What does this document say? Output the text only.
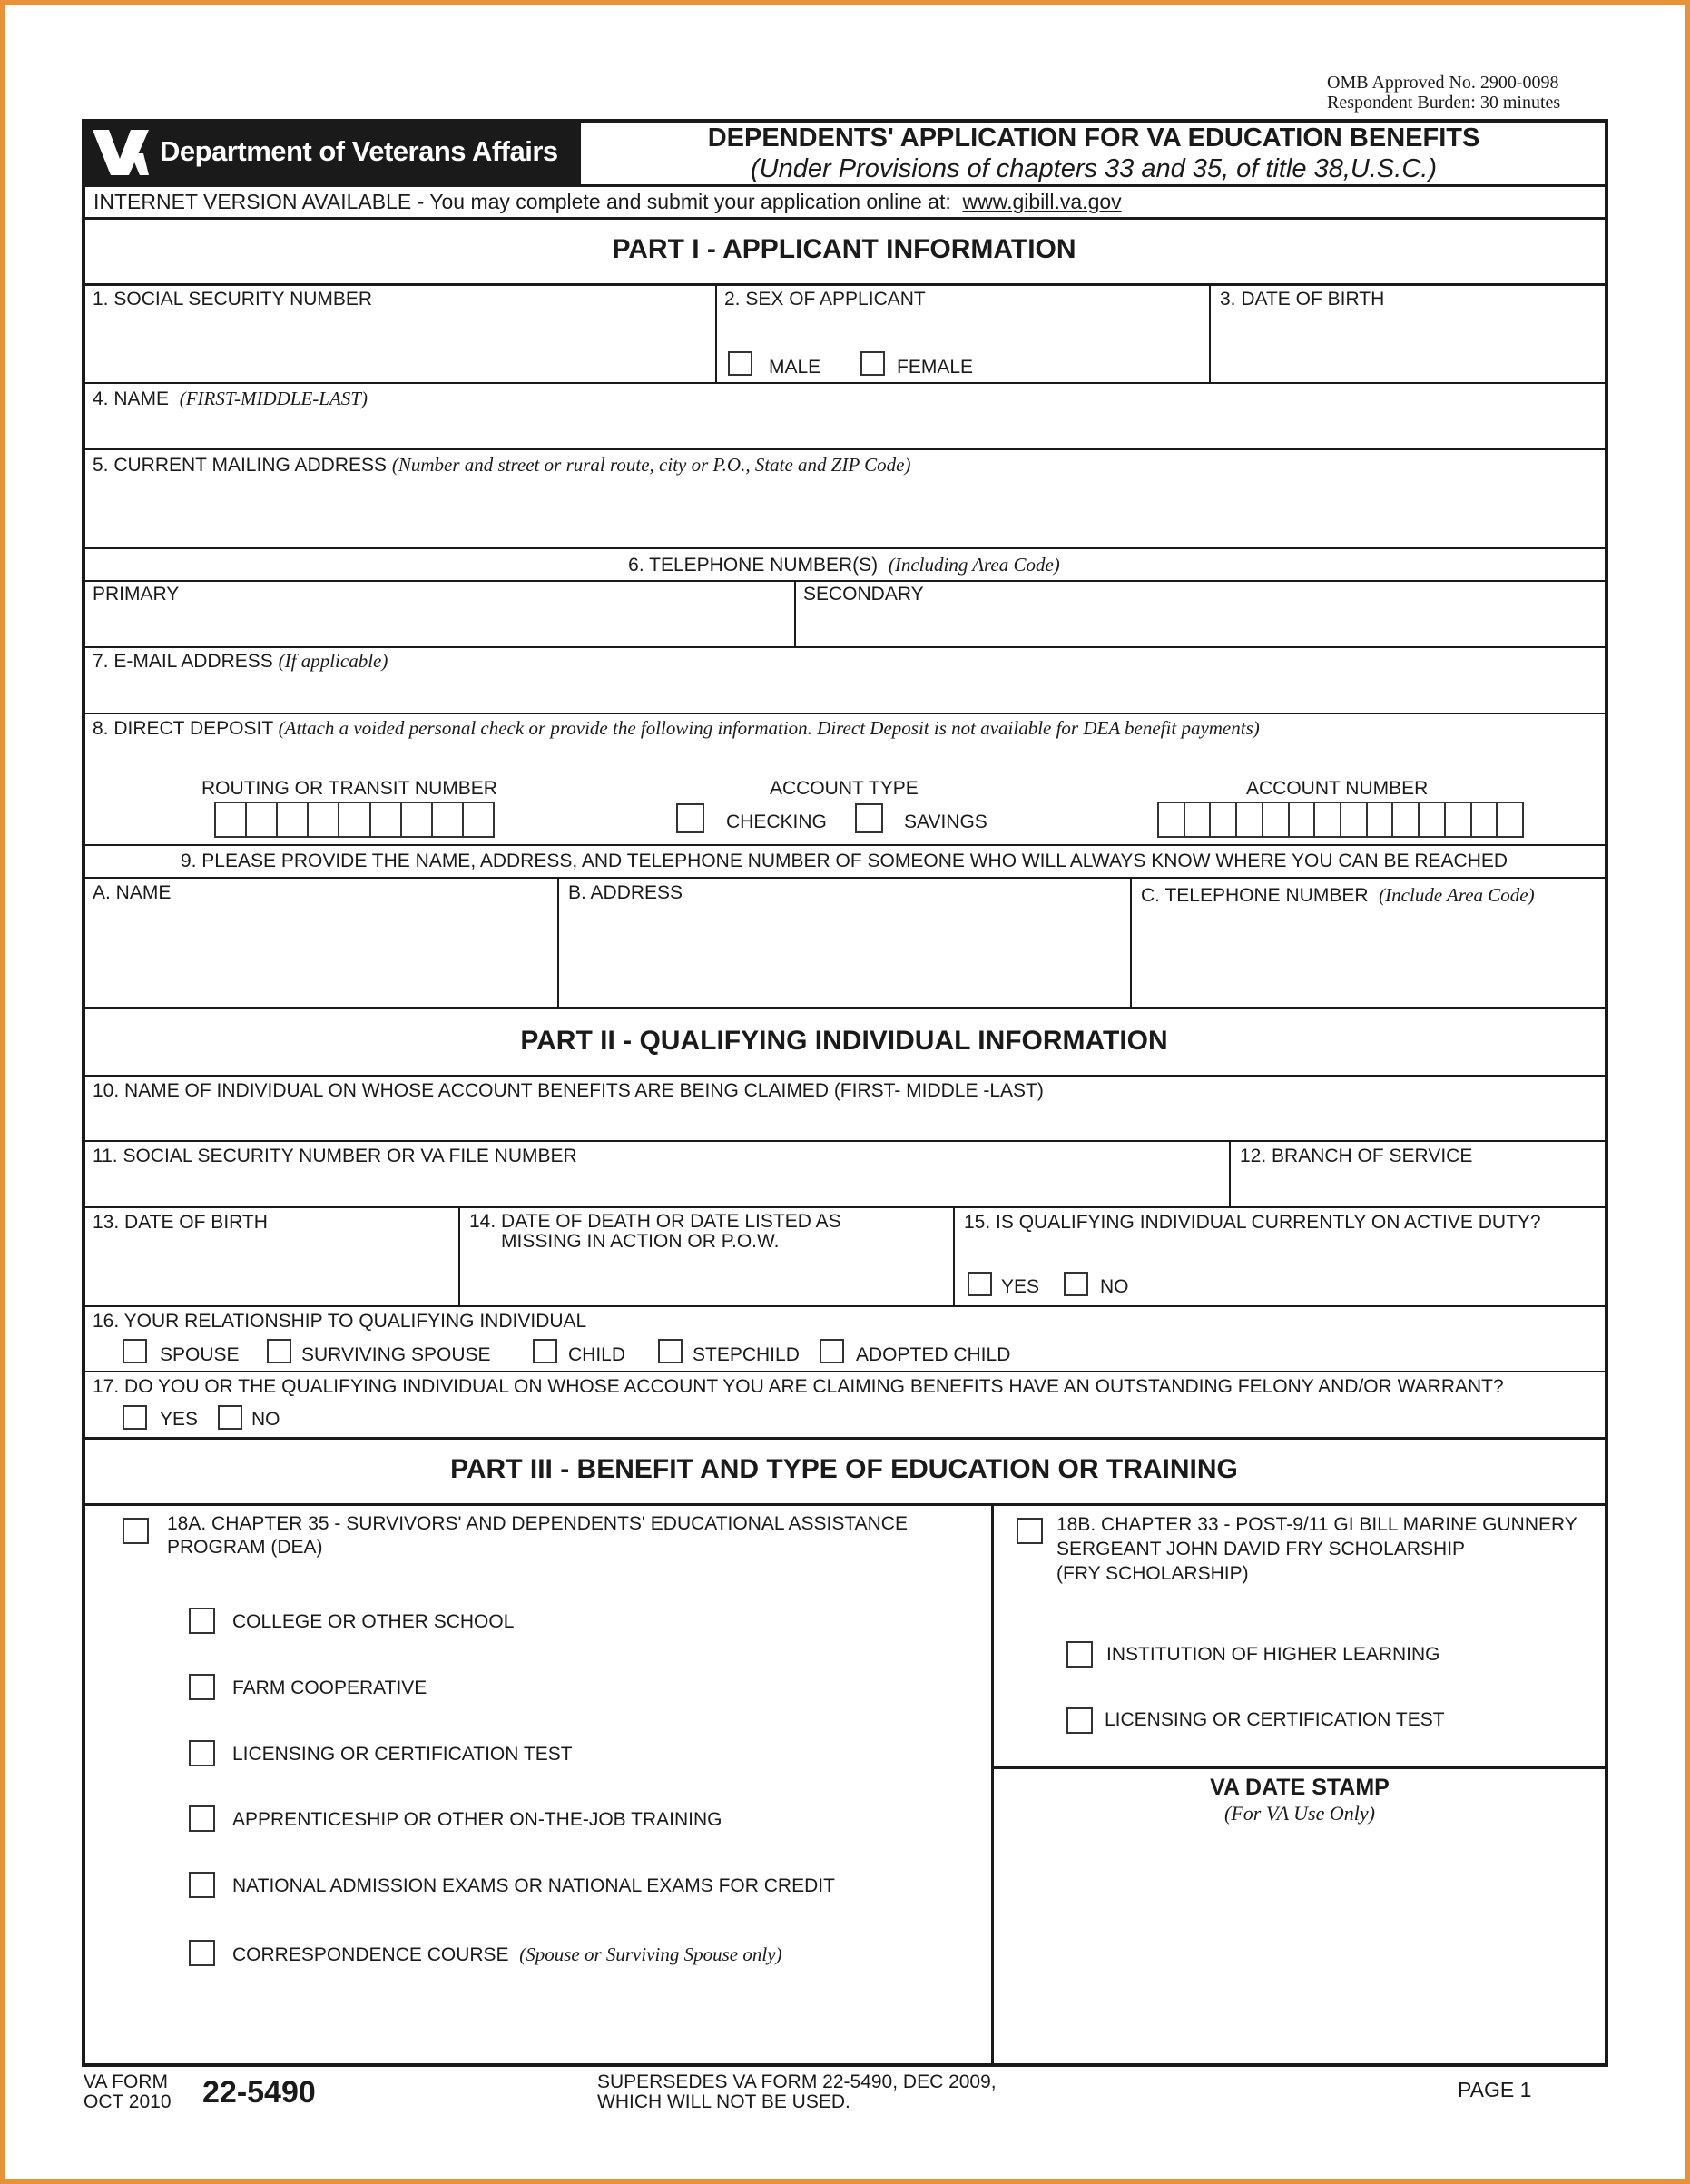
OMB Approved No. 2900-0098
Respondent Burden: 30 minutes
Department of Veterans Affairs	DEPENDENTS' APPLICATION FOR VA EDUCATION BENEFITS
(Under Provisions of chapters 33 and 35, of title 38,U.S.C.)
INTERNET VERSION AVAILABLE - You may complete and submit your application online at: www.gibill.va.gov
PART I - APPLICANT INFORMATION
1. SOCIAL SECURITY NUMBER	2. SEX OF APPLICANT
MALE	FEMALE
3. DATE OF BIRTH
4. NAME (FIRST-MIDDLE-LAST)
5. CURRENT MAILING ADDRESS (Number and street or rural route, city or P.O., State and ZIP Code)
6. TELEPHONE NUMBER(S) (Including Area Code)
PRIMARY	SECONDARY
7. E-MAIL ADDRESS (If applicable)
8. DIRECT DEPOSIT (Attach a voided personal check or provide the following information. Direct Deposit is not available for DEA benefit payments)
ROUTING OR TRANSIT NUMBER	ACCOUNT TYPE
CHECKING	SAVINGS
ACCOUNT NUMBER
9. PLEASE PROVIDE THE NAME, ADDRESS, AND TELEPHONE NUMBER OF SOMEONE WHO WILL ALWAYS KNOW WHERE YOU CAN BE REACHED
A. NAME	B. ADDRESS	C. TELEPHONE NUMBER (Include Area Code)
PART II - QUALIFYING INDIVIDUAL INFORMATION
10. NAME OF INDIVIDUAL ON WHOSE ACCOUNT BENEFITS ARE BEING CLAIMED (FIRST- MIDDLE -LAST)
11. SOCIAL SECURITY NUMBER OR VA FILE NUMBER	12. BRANCH OF SERVICE
13. DATE OF BIRTH	14. DATE OF DEATH OR DATE LISTED AS
MISSING IN ACTION OR P.O.W.
15. IS QUALIFYING INDIVIDUAL CURRENTLY ON ACTIVE DUTY?
YES	NO
16. YOUR RELATIONSHIP TO QUALIFYING INDIVIDUAL
SPOUSE	SURVIVING SPOUSE	CHILD	STEPCHILD	ADOPTED CHILD
17. DO YOU OR THE QUALIFYING INDIVIDUAL ON WHOSE ACCOUNT YOU ARE CLAIMING BENEFITS HAVE AN OUTSTANDING FELONY AND/OR WARRANT?
YES	NO
PART III - BENEFIT AND TYPE OF EDUCATION OR TRAINING
18A. CHAPTER 35 - SURVIVORS' AND DEPENDENTS' EDUCATIONAL ASSISTANCE
PROGRAM (DEA)
COLLEGE OR OTHER SCHOOL
FARM COOPERATIVE
LICENSING OR CERTIFICATION TEST
APPRENTICESHIP OR OTHER ON-THE-JOB TRAINING
NATIONAL ADMISSION EXAMS OR NATIONAL EXAMS FOR CREDIT
CORRESPONDENCE COURSE (Spouse or Surviving Spouse only)
18B. CHAPTER 33 - POST-9/11 GI BILL MARINE GUNNERY
SERGEANT JOHN DAVID FRY SCHOLARSHIP
(FRY SCHOLARSHIP)
INSTITUTION OF HIGHER LEARNING
LICENSING OR CERTIFICATION TEST
VA DATE STAMP
(For VA Use Only)
VA FORM
OCT 2010 22-5490	SUPERSEDES VA FORM 22-5490, DEC 2009,
WHICH WILL NOT BE USED.
PAGE 1
